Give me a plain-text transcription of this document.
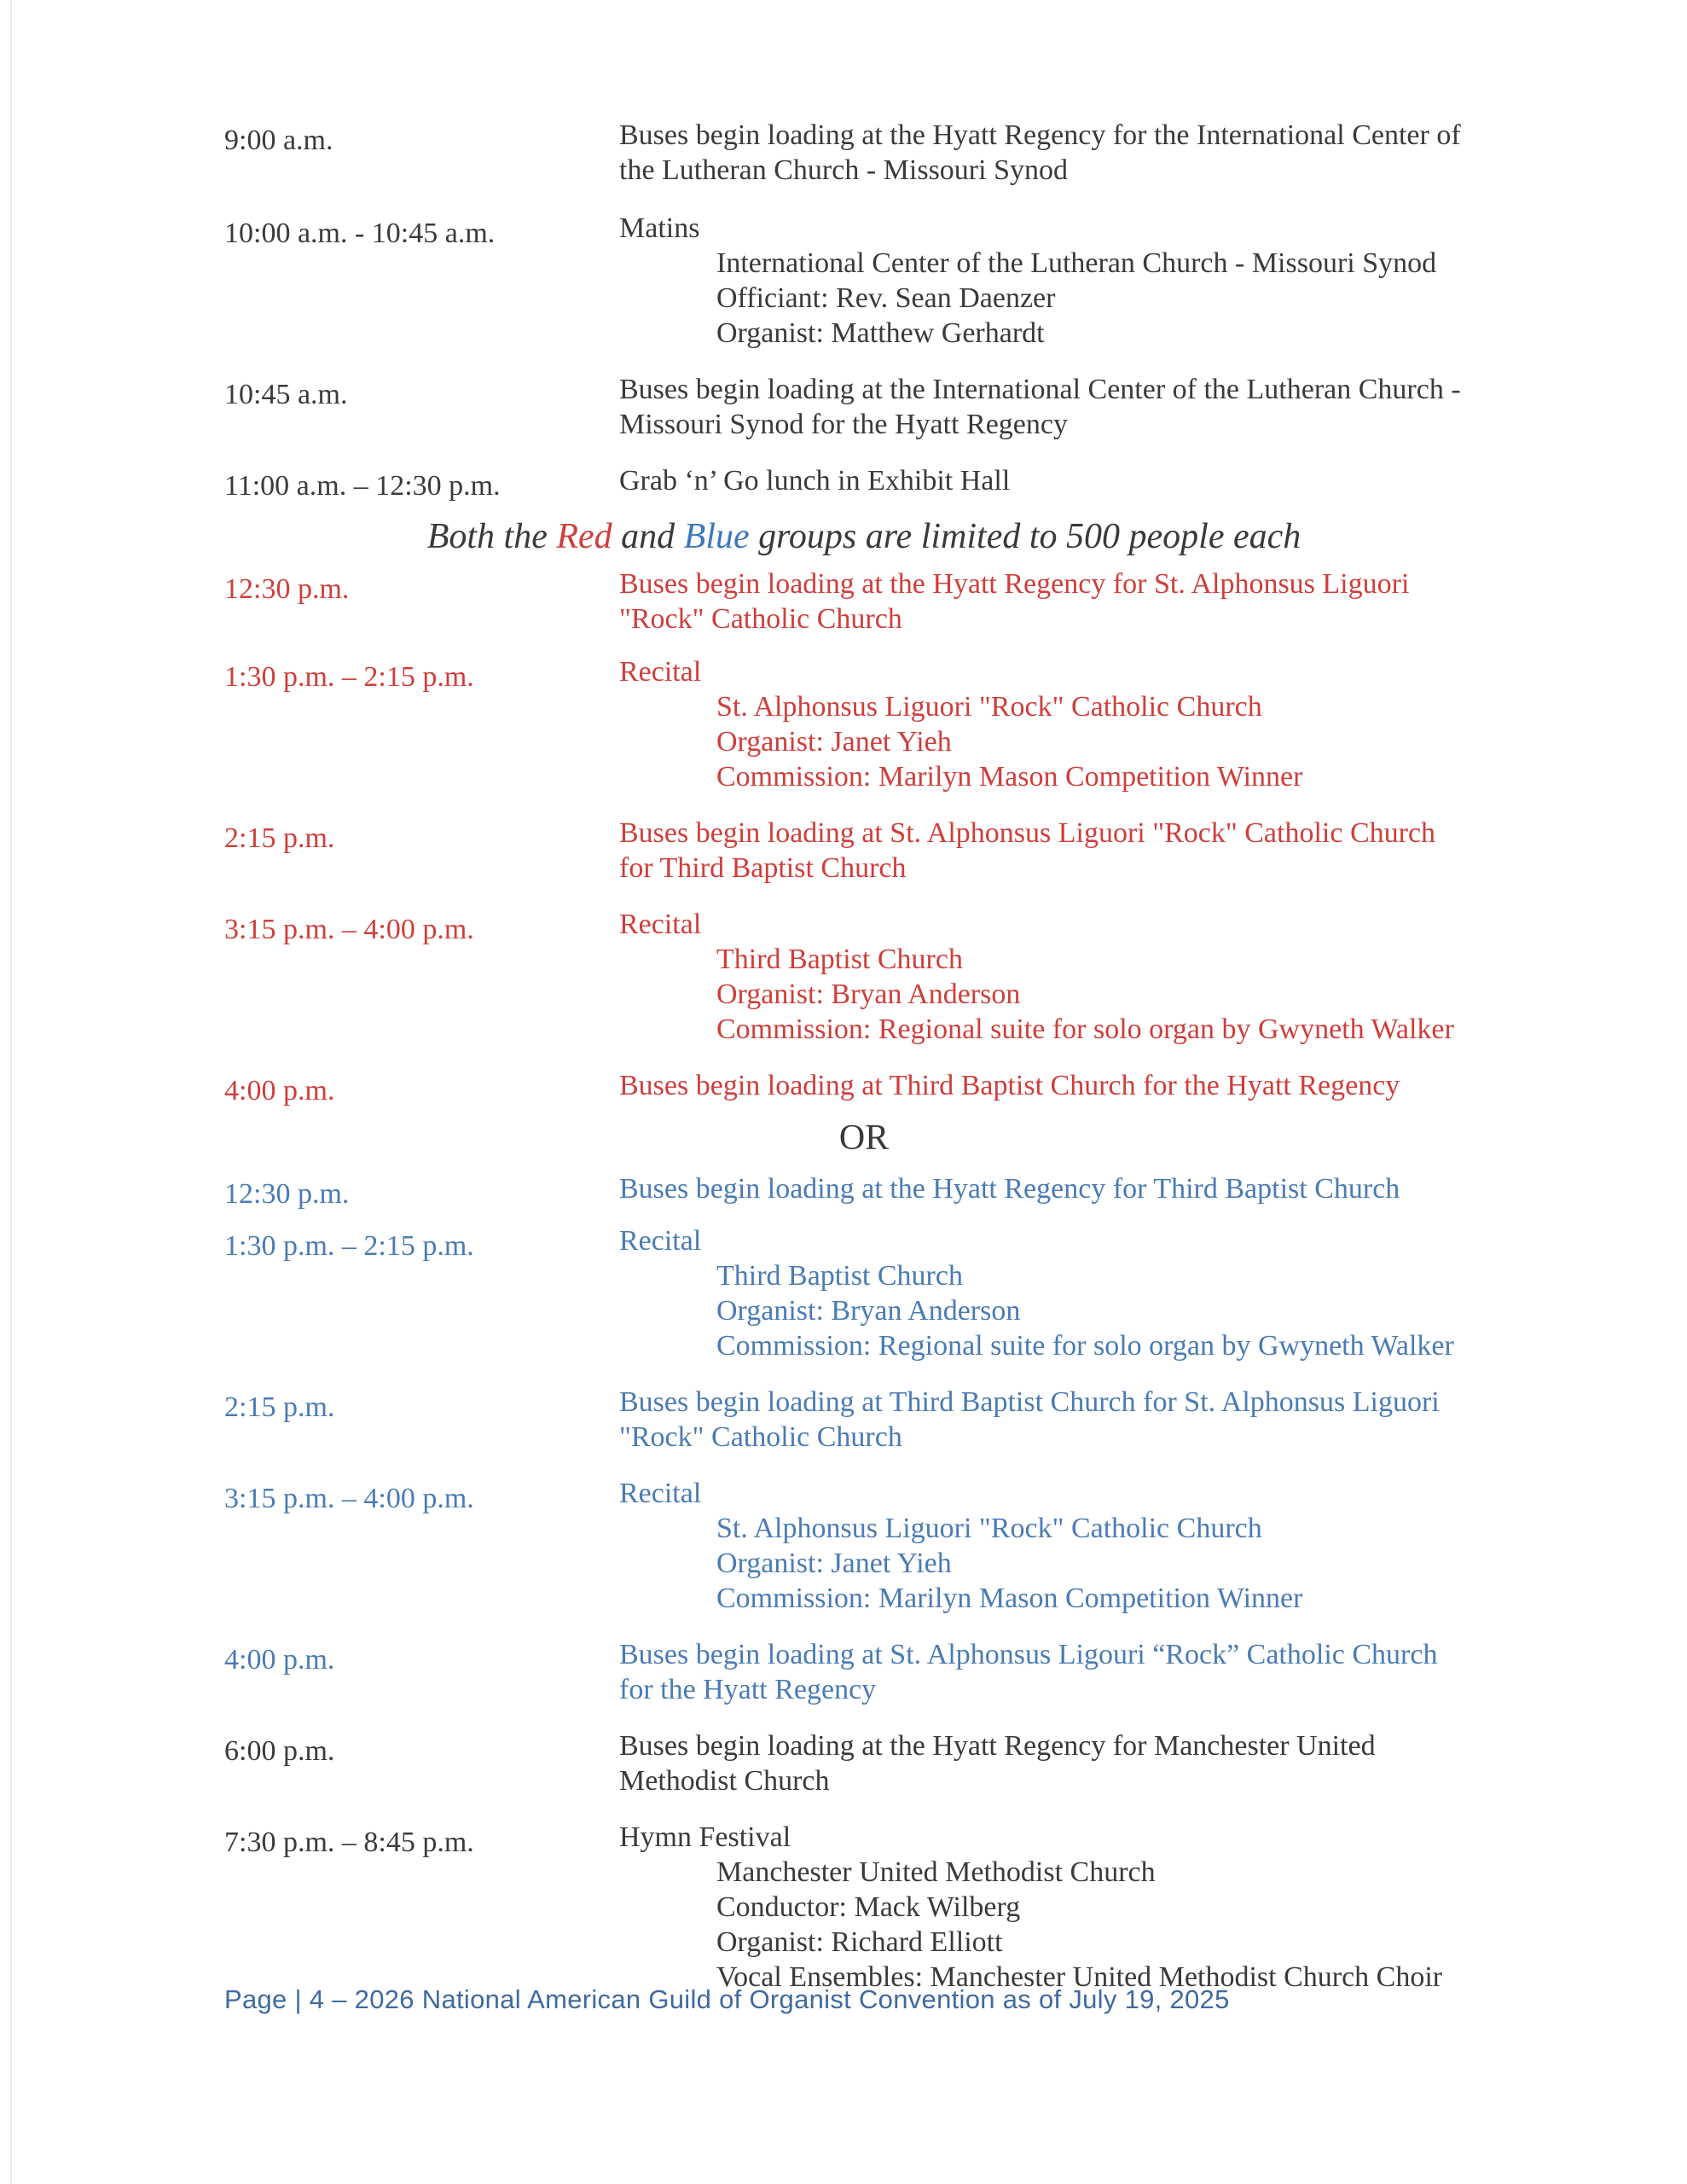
9:00 a.m.	Buses begin loading at the Hyatt Regency for the International Center of
the Lutheran Church - Missouri Synod
10:00 a.m. - 10:45 a.m.	Matins
International Center of the Lutheran Church - Missouri Synod
Officiant: Rev. Sean Daenzer
Organist: Matthew Gerhardt
10:45 a.m.	Buses begin loading at the International Center of the Lutheran Church -
Missouri Synod for the Hyatt Regency
11:00 a.m. – 12:30 p.m.	Grab ‘n’ Go lunch in Exhibit Hall
Both the Red and Blue groups are limited to 500 people each
12:30 p.m.	Buses begin loading at the Hyatt Regency for St. Alphonsus Liguori
"Rock" Catholic Church
1:30 p.m. – 2:15 p.m.	Recital
St. Alphonsus Liguori "Rock" Catholic Church
Organist: Janet Yieh
Commission: Marilyn Mason Competition Winner
2:15 p.m.	Buses begin loading at St. Alphonsus Liguori "Rock" Catholic Church
for Third Baptist Church
3:15 p.m. – 4:00 p.m.	Recital
Third Baptist Church
Organist: Bryan Anderson
Commission: Regional suite for solo organ by Gwyneth Walker
4:00 p.m.	Buses begin loading at Third Baptist Church for the Hyatt Regency
OR
12:30 p.m.	Buses begin loading at the Hyatt Regency for Third Baptist Church
1:30 p.m. – 2:15 p.m.	Recital
Third Baptist Church
Organist: Bryan Anderson
Commission: Regional suite for solo organ by Gwyneth Walker
2:15 p.m.	Buses begin loading at Third Baptist Church for St. Alphonsus Liguori
"Rock" Catholic Church
3:15 p.m. – 4:00 p.m.	Recital
St. Alphonsus Liguori "Rock" Catholic Church
Organist: Janet Yieh
Commission: Marilyn Mason Competition Winner
4:00 p.m.	Buses begin loading at St. Alphonsus Ligouri “Rock” Catholic Church
for the Hyatt Regency
6:00 p.m.	Buses begin loading at the Hyatt Regency for Manchester United
Methodist Church
7:30 p.m. – 8:45 p.m.	Hymn Festival
Manchester United Methodist Church
Conductor: Mack Wilberg
Organist: Richard Elliott
Vocal Ensembles: Manchester United Methodist Church Choir
Page | 4 – 2026 National American Guild of Organist Convention as of July 19, 2025
